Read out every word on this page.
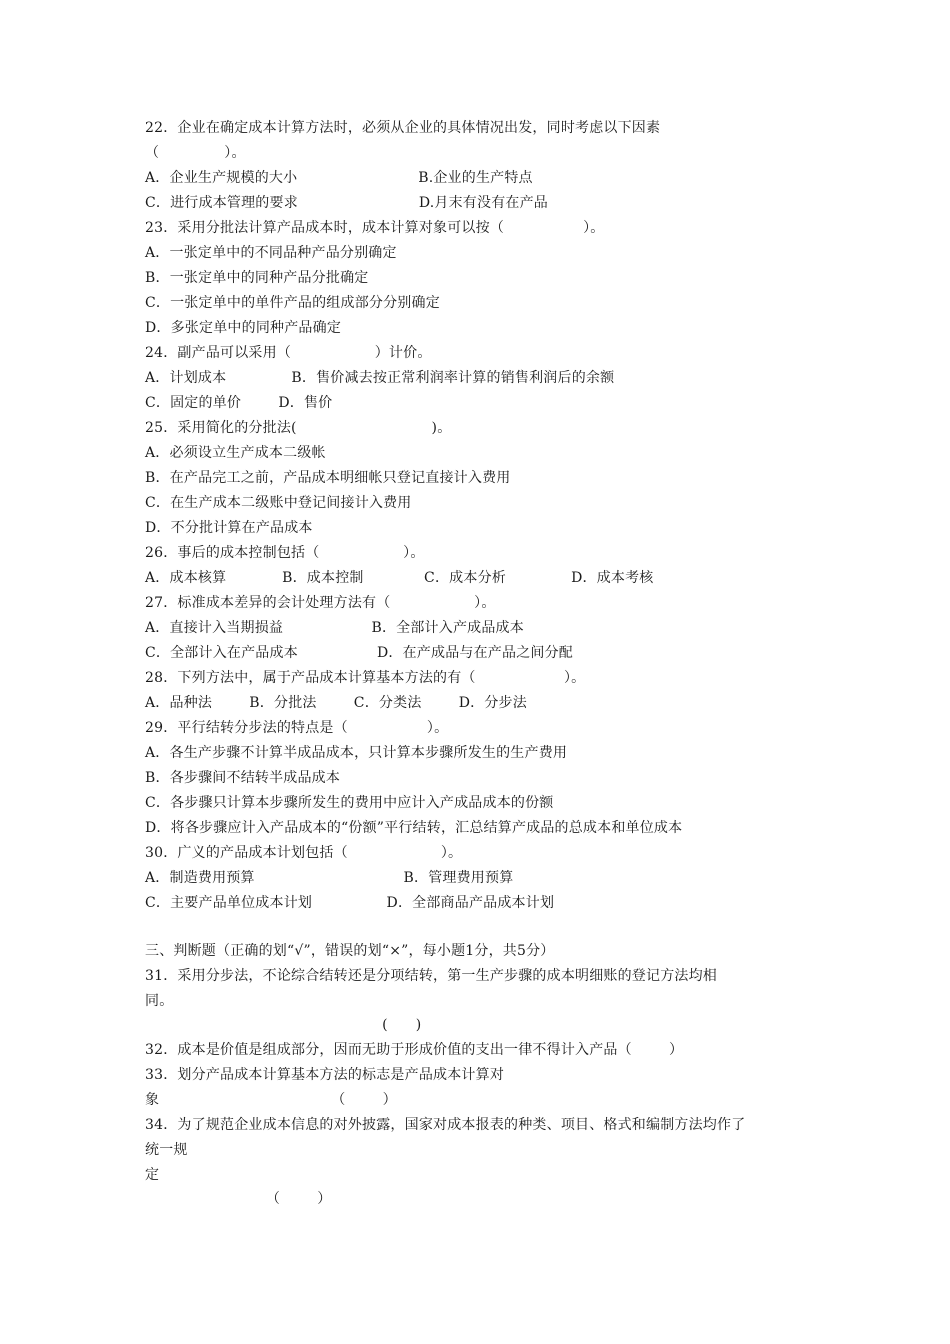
22．企业在确定成本计算方法时，必须从企业的具体情况出发，同时考虑以下因素
（              ）。
A．企业生产规模的大小                          B.企业的生产特点
C．进行成本管理的要求                          D.月末有没有在产品
23．采用分批法计算产品成本时，成本计算对象可以按（                 ）。
A．一张定单中的不同品种产品分别确定
B．一张定单中的同种产品分批确定
C．一张定单中的单件产品的组成部分分别确定
D．多张定单中的同种产品确定
24．副产品可以采用（                  ）计价。
A．计划成本              B．售价减去按正常利润率计算的销售利润后的余额
C．固定的单价        D．售价
25．采用简化的分批法(                             )。
A．必须设立生产成本二级帐
B．在产品完工之前，产品成本明细帐只登记直接计入费用
C．在生产成本二级账中登记间接计入费用
D．不分批计算在产品成本
26．事后的成本控制包括（                  ）。
A．成本核算            B．成本控制             C．成本分析              D．成本考核
27．标准成本差异的会计处理方法有（                  ）。
A．直接计入当期损益                   B．全部计入产成品成本
C．全部计入在产品成本                 D．在产成品与在产品之间分配
28．下列方法中，属于产品成本计算基本方法的有（                   ）。
A．品种法        B．分批法        C．分类法        D．分步法
29．平行结转分步法的特点是（                 ）。
A．各生产步骤不计算半成品成本，只计算本步骤所发生的生产费用
B．各步骤间不结转半成品成本
C．各步骤只计算本步骤所发生的费用中应计入产成品成本的份额
D．将各步骤应计入产品成本的“份额”平行结转，汇总结算产成品的总成本和单位成本
30．广义的产品成本计划包括（                    ）。
A．制造费用预算                                B．管理费用预算
C．主要产品单位成本计划                D．全部商品产品成本计划
三、判断题（正确的划“√”，错误的划“×”，每小题1分，共5分）
31．采用分步法，不论综合结转还是分项结转，第一生产步骤的成本明细账的登记方法均相
同。
(      )
32．成本是价值是组成部分，因而无助于形成价值的支出一律不得计入产品（        ）
33．划分产品成本计算基本方法的标志是产品成本计算对
象                                     （        ）
34．为了规范企业成本信息的对外披露，国家对成本报表的种类、项目、格式和编制方法均作了
统一规
定
（        ）
